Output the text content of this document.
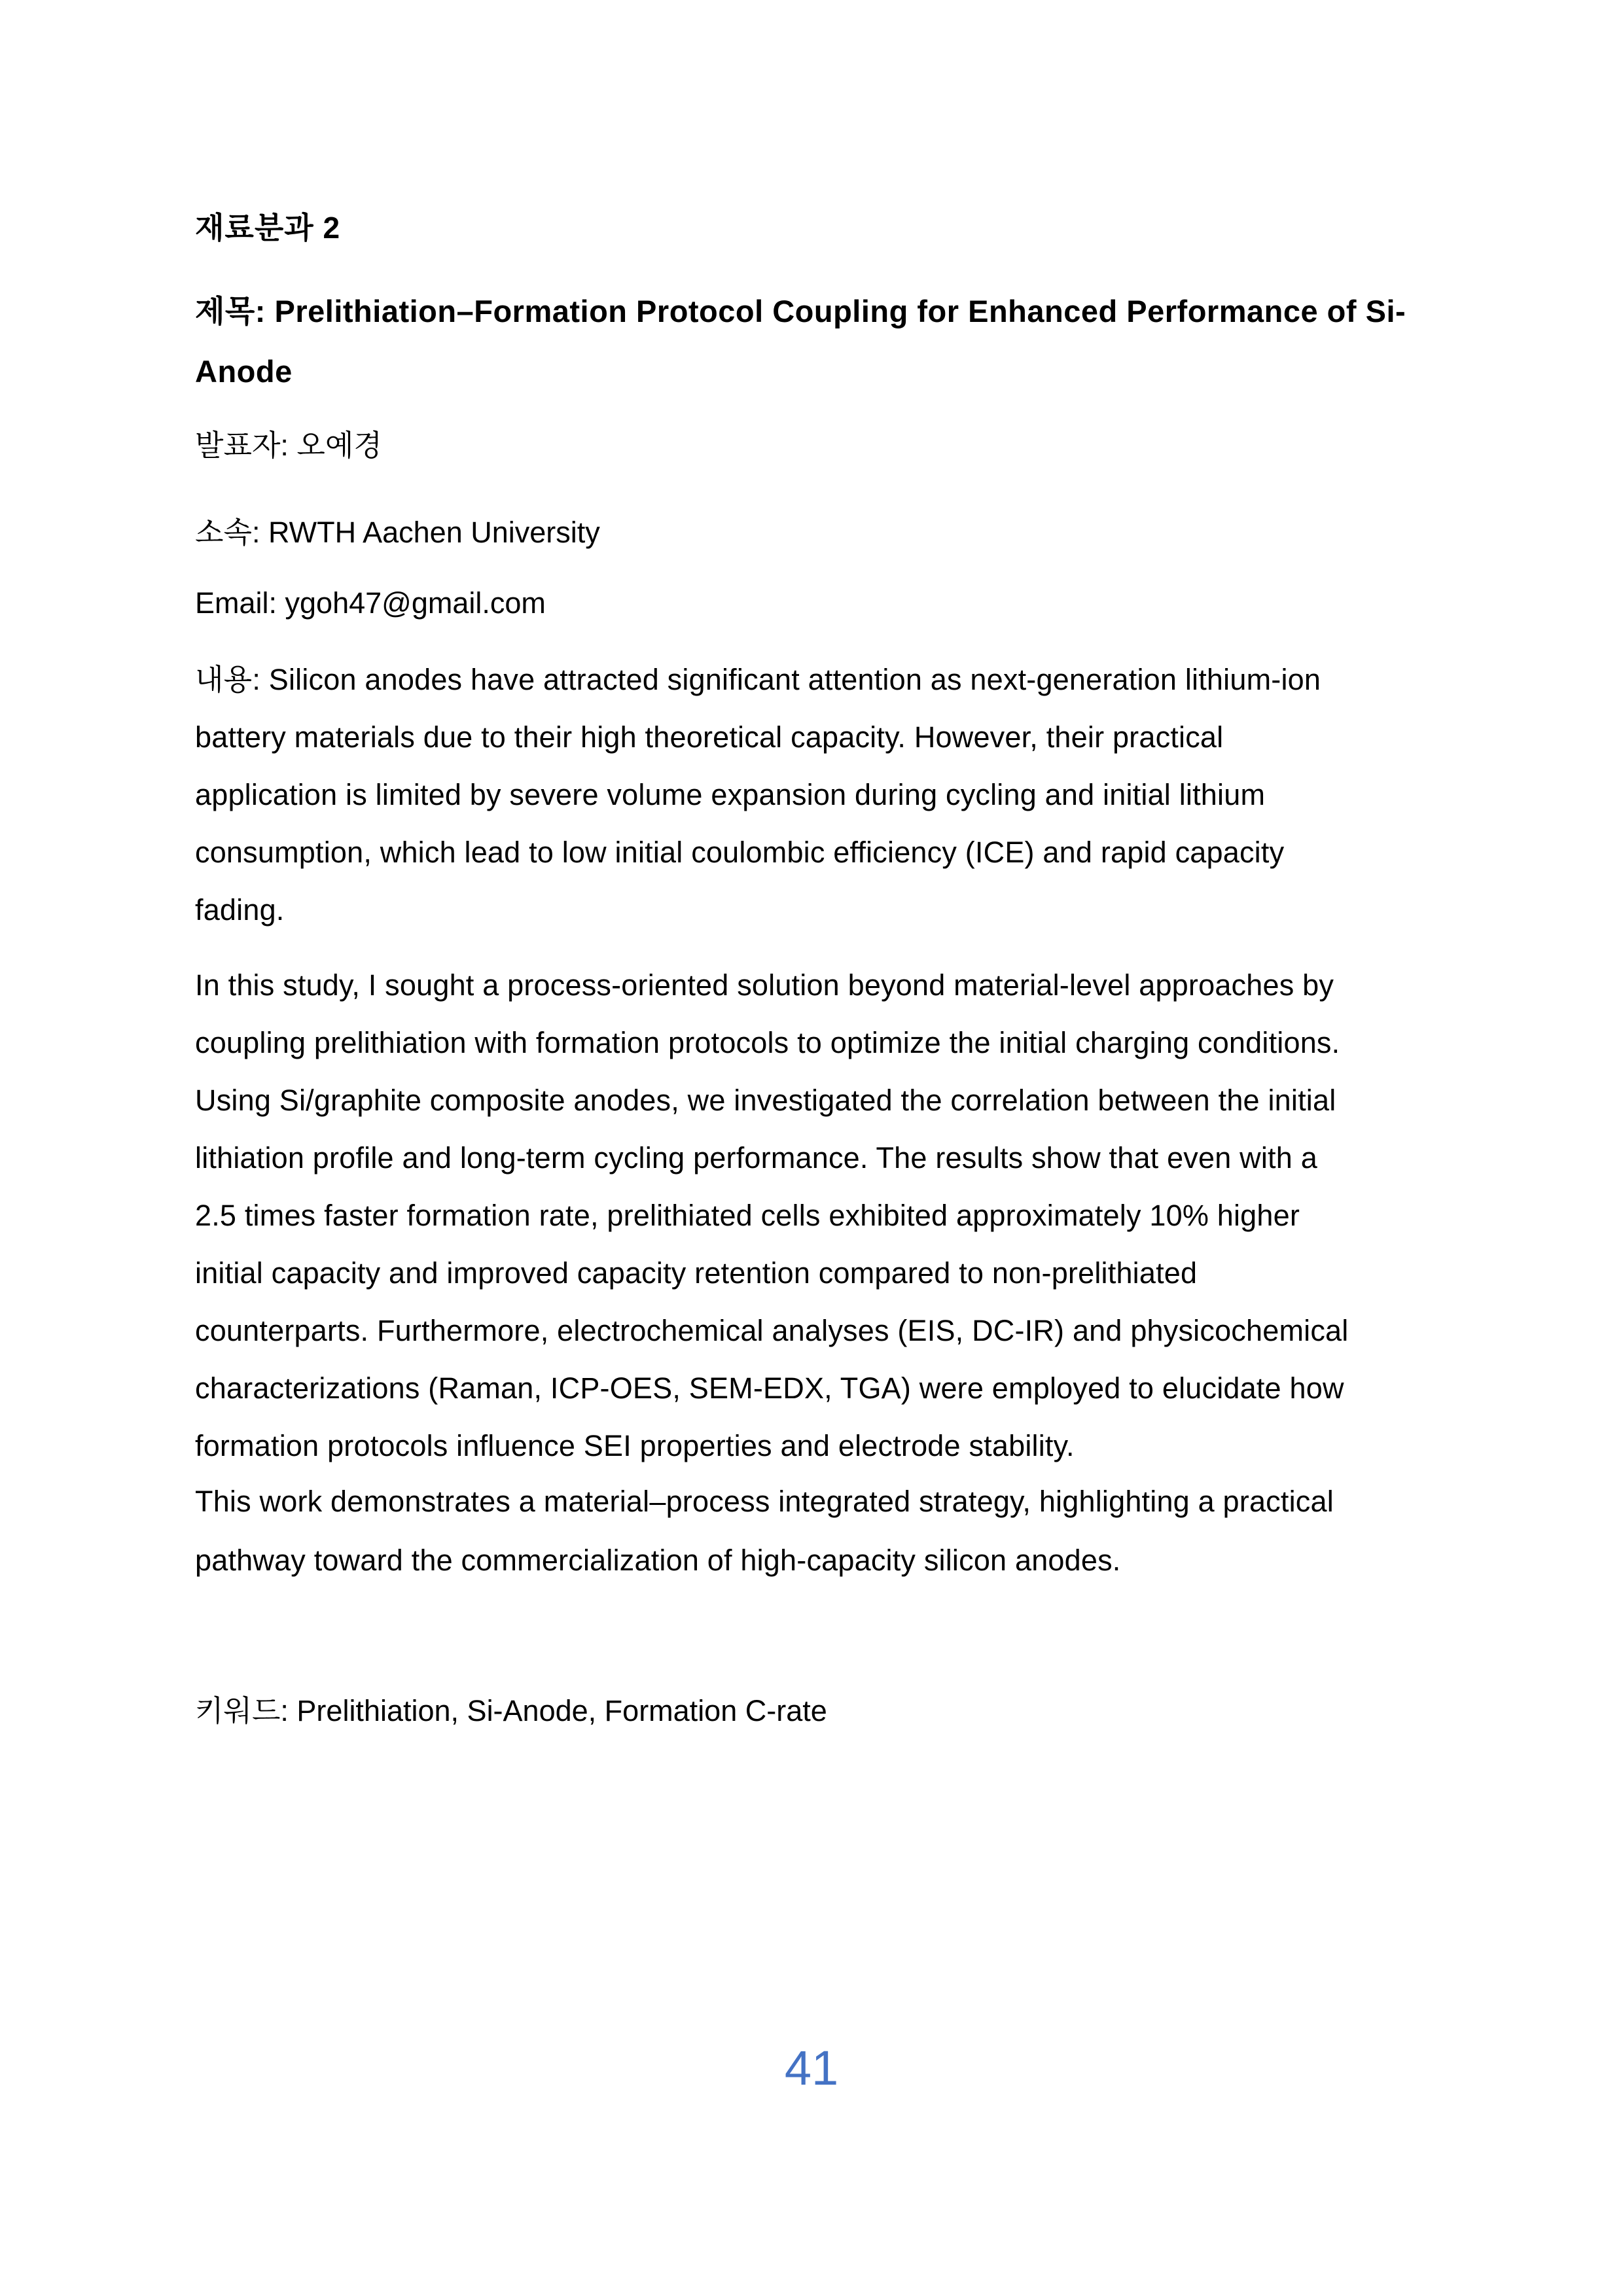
재료분과 2
제목: Prelithiation–Formation Protocol Coupling for Enhanced Performance of Si-
Anode
발표자: 오예경
소속: RWTH Aachen University
Email: ygoh47@gmail.com
내용: Silicon anodes have attracted significant attention as next-generation lithium-ion
battery materials due to their high theoretical capacity. However, their practical
application is limited by severe volume expansion during cycling and initial lithium
consumption, which lead to low initial coulombic efficiency (ICE) and rapid capacity
fading.
In this study, I sought a process-oriented solution beyond material-level approaches by
coupling prelithiation with formation protocols to optimize the initial charging conditions.
Using Si/graphite composite anodes, we investigated the correlation between the initial
lithiation profile and long-term cycling performance. The results show that even with a
2.5 times faster formation rate, prelithiated cells exhibited approximately 10% higher
initial capacity and improved capacity retention compared to non-prelithiated
counterparts. Furthermore, electrochemical analyses (EIS, DC-IR) and physicochemical
characterizations (Raman, ICP-OES, SEM-EDX, TGA) were employed to elucidate how
formation protocols influence SEI properties and electrode stability.
This work demonstrates a material–process integrated strategy, highlighting a practical
pathway toward the commercialization of high-capacity silicon anodes.
키워드: Prelithiation, Si-Anode, Formation C-rate
41
